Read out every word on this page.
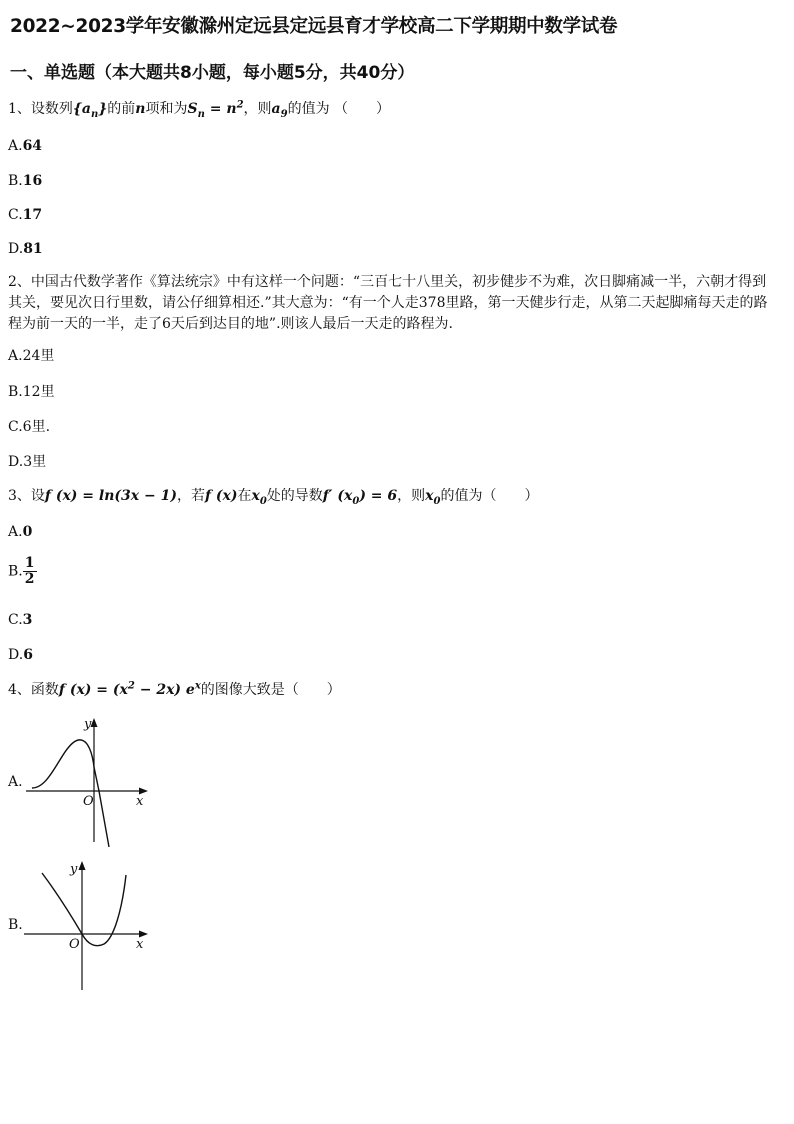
2022~2023学年安徽滁州定远县定远县育才学校高二下学期期中数学试卷
一、单选题（本大题共8小题，每小题5分，共40分）
1、设数列$\{a_n\}$的前n项和为$S_n = n^2$，则$a_9$的值为 （　　）
A.64
B.16
C.17
D.81
2、中国古代数学著作《算法统宗》中有这样一个问题：“三百七十八里关，初步健步不为难，次日脚痛减一半，六朝才得到其关，要见次日行里数，请公仔细算相还.”其大意为：“有一个人走378里路，第一天健步行走，从第二天起脚痛每天走的路程为前一天的一半，走了6天后到达目的地”.则该人最后一天走的路程为.
A.24里
B.12里
C.6里.
D.3里
3、设f (x) = ln(3x − 1)，若f (x)在$x_0$处的导数f′ $(x_0) = 6$，则$x_0$的值为（　　）
A.0
B. $\frac{1}{2}$
C.3
D.6
4、函数f $(x) = (x^2 - 2x)$ $e^x$的图像大致是（　　）
A.
x
y
O
B.
x
y
O
